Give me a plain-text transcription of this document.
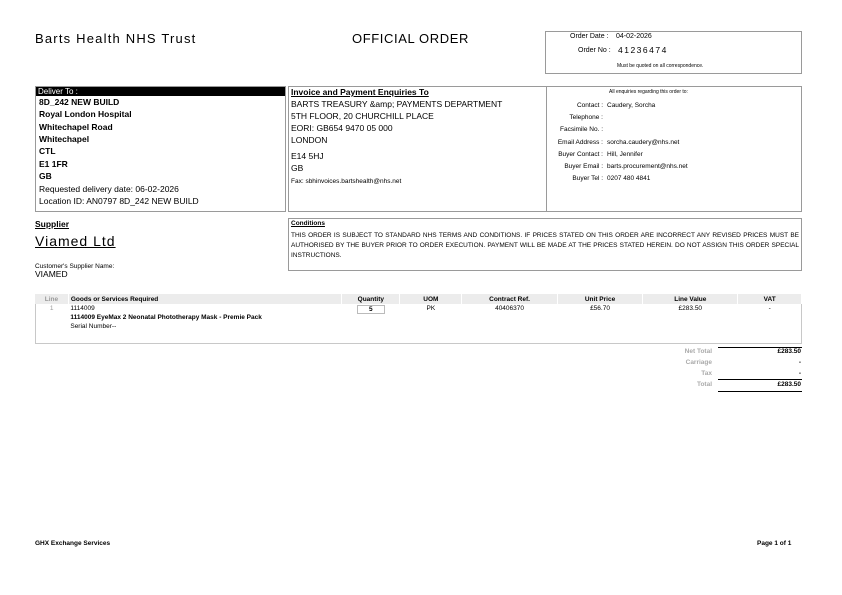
Barts Health NHS Trust	OFFICIAL ORDER	Order Date : 04-02-2026
Order No : 41236474
Must be quoted on all correspondence.
Deliver To :
8D_242 NEW BUILD
Royal London Hospital
Whitechapel Road
Whitechapel
CTL
E1 1FR
GB
Requested delivery date: 06-02-2026
Location ID: AN0797 8D_242 NEW BUILD
Invoice and Payment Enquiries To
BARTS TREASURY &amp; PAYMENTS DEPARTMENT
5TH FLOOR, 20 CHURCHILL PLACE
EORI: GB654 9470 05 000
LONDON
E14 5HJ
GB
Fax: sbhinvoices.bartshealth@nhs.net
All enquiries regarding this order to:
Contact : Caudery, Sorcha
Telephone :
Facsimile No. :
Email Address : sorcha.caudery@nhs.net
Buyer Contact : Hill, Jennifer
Buyer Email : barts.procurement@nhs.net
Buyer Tel : 0207 480 4841
Supplier
Viamed Ltd
Customer's Supplier Name:
VIAMED
Conditions
THIS ORDER IS SUBJECT TO STANDARD NHS TERMS AND CONDITIONS. IF PRICES STATED ON THIS ORDER ARE INCORRECT ANY REVISED PRICES MUST BE AUTHORISED BY THE BUYER PRIOR TO ORDER EXECUTION. PAYMENT WILL BE MADE AT THE PRICES STATED HEREIN. DO NOT ASSIGN THIS ORDER SPECIAL INSTRUCTIONS.
Line	Goods or Services Required	Quantity	UOM	Contract Ref.	Unit Price	Line Value	VAT
1	1114009
1114009 EyeMax 2 Neonatal Phototherapy Mask - Premie Pack
Serial Number--	5	PK	40406370	£56.70	£283.50	-
Net Total	£283.50
Carriage	-
Tax	-
Total	£283.50
GHX Exchange Services	Page 1 of 1
